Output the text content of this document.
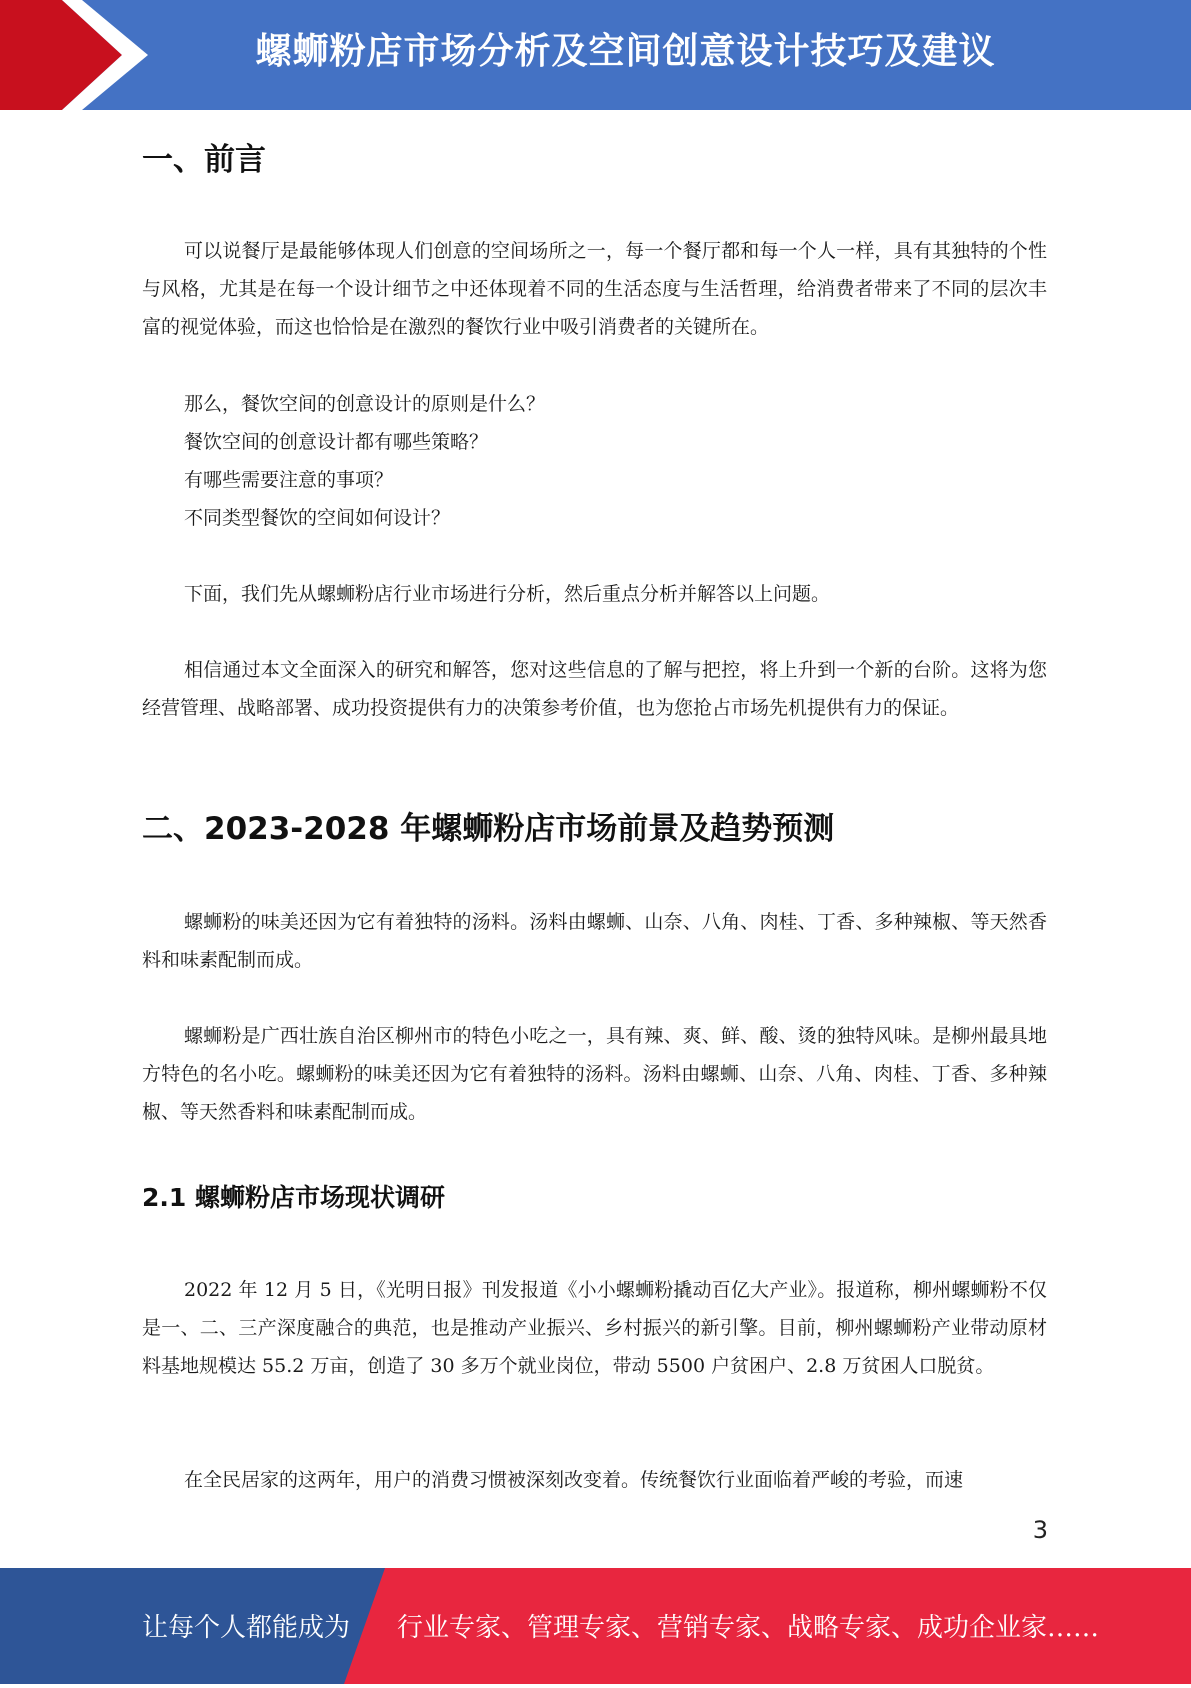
螺蛳粉店市场分析及空间创意设计技巧及建议
一、前言

可以说餐厅是最能够体现人们创意的空间场所之一，每一个餐厅都和每一个人一样，具有其独特的个性与风格，尤其是在每一个设计细节之中还体现着不同的生活态度与生活哲理，给消费者带来了不同的层次丰富的视觉体验，而这也恰恰是在激烈的餐饮行业中吸引消费者的关键所在。

那么，餐饮空间的创意设计的原则是什么？
餐饮空间的创意设计都有哪些策略？
有哪些需要注意的事项？
不同类型餐饮的空间如何设计？

下面，我们先从螺蛳粉店行业市场进行分析，然后重点分析并解答以上问题。

相信通过本文全面深入的研究和解答，您对这些信息的了解与把控，将上升到一个新的台阶。这将为您经营管理、战略部署、成功投资提供有力的决策参考价值，也为您抢占市场先机提供有力的保证。

二、2023-2028 年螺蛳粉店市场前景及趋势预测

螺蛳粉的味美还因为它有着独特的汤料。汤料由螺蛳、山奈、八角、肉桂、丁香、多种辣椒、等天然香料和味素配制而成。

螺蛳粉是广西壮族自治区柳州市的特色小吃之一，具有辣、爽、鲜、酸、烫的独特风味。是柳州最具地方特色的名小吃。螺蛳粉的味美还因为它有着独特的汤料。汤料由螺蛳、山奈、八角、肉桂、丁香、多种辣椒、等天然香料和味素配制而成。

2.1 螺蛳粉店市场现状调研

2022 年 12 月 5 日，《光明日报》刊发报道《小小螺蛳粉撬动百亿大产业》。报道称，柳州螺蛳粉不仅是一、二、三产深度融合的典范，也是推动产业振兴、乡村振兴的新引擎。目前，柳州螺蛳粉产业带动原材料基地规模达 55.2 万亩，创造了 30 多万个就业岗位，带动 5500 户贫困户、2.8 万贫困人口脱贫。

在全民居家的这两年，用户的消费习惯被深刻改变着。传统餐饮行业面临着严峻的考验，而速

3
让每个人都能成为 行业专家、管理专家、营销专家、战略专家、成功企业家……
